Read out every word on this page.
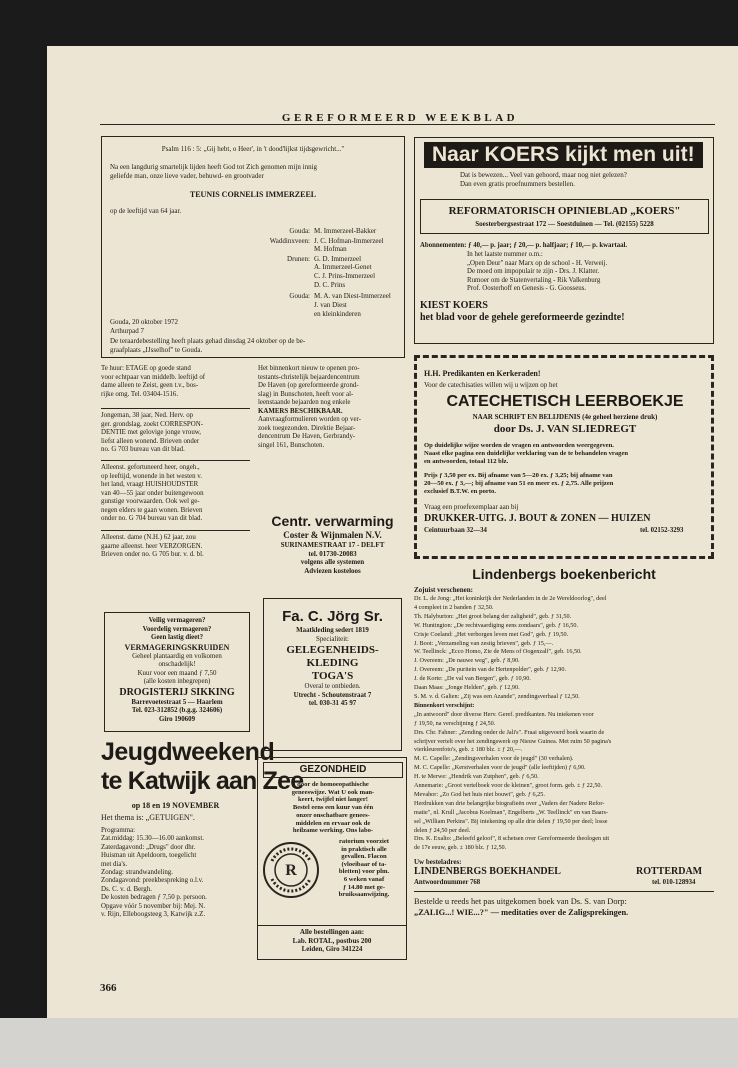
GEREFORMEERD WEEKBLAD
Psalm 116 : 5: „Gij hebt, o Heer', in 't dood'lijkst tijdsgewricht..."
Na een langdurig smartelijk lijden heeft God tot Zich genomen mijn innig
geliefde man, onze lieve vader, behuwd- en grootvader
TEUNIS CORNELIS IMMERZEEL
op de leeftijd van 64 jaar.
Gouda: M. Immerzeel-Bakker
Waddinxveen: J. C. Hofman-Immerzeel
M. Hofman
Drunen: G. D. Immerzeel
A. Immerzeel-Genet
C. J. Prins-Immerzeel
D. C. Prins
Gouda: M. A. van Diest-Immerzeel
J. van Diest
en kleinkinderen
Gouda, 20 oktober 1972
Arthurpad 7
De teraardebestelling heeft plaats gehad dinsdag 24 oktober op de be-
graafplaats „IJsselhof" te Gouda.
Te huur: ETAGE op goede stand
voor echtpaar van middelb. leeftijd of
dame alleen te Zeist, geen t.v., bos-
rijke omg. Tel. 03404-1516.
Jongeman, 38 jaar, Ned. Herv. op
ger. grondslag, zoekt CORRESPON-
DENTIE met gelovige jonge vrouw,
liefst alleen wonend. Brieven onder
no. G 703 bureau van dit blad.
Alleenst. gefortuneerd heer, ongeh.,
op leeftijd, wonende in het westen v.
het land, vraagt HUISHOUDSTER
van 40—55 jaar onder buitengewoon
gunstige voorwaarden. Ook wel ge-
negen elders te gaan wonen. Brieven
onder no. G 704 bureau van dit blad.
Alleenst. dame (N.H.) 62 jaar, zou
gaarne alleenst. heer VERZORGEN.
Brieven onder no. G 705 bur. v. d. bl.
Het binnenkort nieuw te openen pro-
testants-christelijk bejaardencentrum
De Haven (op gereformeerde grond-
slag) in Bunschoten, heeft voor al-
leenstaande bejaarden nog enkele
KAMERS BESCHIKBAAR.
Aanvraagformulieren worden op ver-
zoek toegezonden. Direktie Bejaar-
dencentrum De Haven, Gerbrandy-
singel 161, Bunschoten.
Veilig vermageren?
Voordelig vermageren?
Geen lastig dieet?
VERMAGERINGSKRUIDEN
Geheel plantaardig en volkomen
onschadelijk!
Kuur voor een maand ƒ 7,50
(alle kosten inbegrepen)
DROGISTERIJ SIKKING
Barrevoetestraat 5 — Haarlem
Tel. 023-312852 (b.g.g. 324606)
Giro 190609
Jeugdweekend
te Katwijk aan Zee
op 18 en 19 NOVEMBER
Het thema is: „GETUIGEN".
Programma:
Zat.middag: 15.30—16.00 aankomst.
Zaterdagavond: „Drugs" door dhr.
Huisman uit Apeldoorn, toegelicht
met dia's.
Zondag: strandwandeling.
Zondagavond: preekbespreking o.l.v.
Ds. C. v. d. Bergh.
De kosten bedragen ƒ 7,50 p. persoon.
Opgave vóór 5 november bij: Mej. N.
v. Rijn, Elleboogsteeg 3, Katwijk z.Z.
366
Centr. verwarming
Coster & Wijnmalen N.V.
SURINAMESTRAAT 17 - DELFT
tel. 01730-20083
volgens alle systemen
Adviezen kosteloos
Fa. C. Jörg Sr.
Maatkleding sedert 1819
Specialiteit:
GELEGENHEIDS-
KLEDING
TOGA'S
Overal te ontbieden.
Utrecht - Schoutenstraat 7
tel. 030-31 45 97
GEZONDHEID
door de homoeopathische
geneeswijze. Wat U ook man-
keert, twijfel niet langer!
Bestel eens een kuur van één
onzer onschatbare genees-
middelen en ervaar ook de
heilzame werking. Ons labo-
ratorium voorziet
in praktisch alle
gevallen. Flacon
(vloeibaar of ta-
bletten) voor plm.
6 weken vanaf
ƒ 14.80 met ge-
bruiksaanwijzing.
R
Alle bestellingen aan:
Lab. ROTAL, postbus 200
Leiden, Giro 341224
Naar KOERS kijkt men uit!
Dat is bewezen... Veel van gehoord, maar nog niet gelezen?
Dan even gratis proefnummers bestellen.
REFORMATORISCH OPINIEBLAD „KOERS"
Soesterbergsestraat 172 — Soestduinen — Tel. (02155) 5228
Abonnementen: ƒ 40,— p. jaar; ƒ 20,— p. halfjaar; ƒ 10,— p. kwartaal.
In het laatste nummer o.m.:
„Open Deur" naar Marx op de school - H. Verweij.
De moed om impopulair te zijn - Drs. J. Klatter.
Rumoer om de Statenvertaling - Rik Valkenburg
Prof. Oosterhoff en Genesis - G. Goosseus.
KIEST KOERS
het blad voor de gehele gereformeerde gezindte!
H.H. Predikanten en Kerkeraden!
Voor de catechisaties willen wij u wijzen op het
CATECHETISCH LEERBOEKJE
NAAR SCHRIFT EN BELIJDENIS (4e geheel herziene druk)
door Ds. J. VAN SLIEDREGT
Op duidelijke wijze worden de vragen en antwoorden weergegeven.
Naast elke pagina een duidelijke verklaring van de te behandelen vragen
en antwoorden, totaal 112 blz.
Prijs ƒ 3,50 per ex. Bij afname van 5—20 ex. ƒ 3,25; bij afname van
20—50 ex. ƒ 3,—; bij afname van 51 en meer ex. ƒ 2,75. Alle prijzen
exclusief B.T.W. en porto.
Vraag een proefexemplaar aan bij
DRUKKER-UITG. J. BOUT & ZONEN — HUIZEN
Ceintuurbaan 32—34	tel. 02152-3293
Lindenbergs boekenbericht
Zojuist verschenen:
Dr. L. de Jong: „Het koninkrijk der Nederlanden in de 2e Wereldoorlog", deel
4 compleet in 2 banden ƒ 32,50.
Th. Halyburton: „Het groot belang der zaligheid", geb. ƒ 31,50.
W. Huntington: „De rechtvaardiging eens zondaars", geb. ƒ 16,50.
Crisje Coeland: „Het verborgen leven met God", geb. ƒ 19,50.
J. Boot: „Verzameling van zestig brieven", geb. ƒ 15,—.
W. Teellinck: „Ecco Homo, Zie de Mens of Oogenzalf", geb. 16,50.
J. Overeem: „De nauwe weg", geb. ƒ 8,90.
J. Overeem: „De puritein van de Hertenpolder", geb. ƒ 12,90.
J. de Korte: „De val van Bergen", geb. ƒ 10,90.
Daan Maas: „Jonge Helden", geb. ƒ 12,90.
S. M. v. d. Galien: „Zij was een Azande", zendingsverhaal ƒ 12,50.
Binnenkort verschijnt:
„In antwoord" door diverse Herv. Geref. predikanten. Nu intekenen voor
ƒ 19,50, na verschijning ƒ 24,50.
Drs. Chr. Fahner: „Zending onder de Jali's". Fraai uitgevoerd boek waarin de
schrijver vertelt over het zendingswerk op Nieuw Guinea. Met ruim 50 pagina's
vierkleurenfoto's, geb. ± 180 blz. ± ƒ 20,—.
M. C. Capelle: „Zendingsverhalen voor de jeugd" (30 verhalen).
M. C. Capelle: „Kerstverhalen voor de jeugd" (alle leeftijden) ƒ 6,90.
H. te Merwe: „Hendrik van Zutphen", geb. ƒ 6,50.
Annemarie: „Groot vertelboek voor de kleinen", groot form. geb. ± ƒ 22,50.
Mevahor: „Zo God het huis niet bouwt", geb. ƒ 6,25.
Herdrukken van drie belangrijke biografieën over „Vaders der Nadere Refor-
matie", nl. Krull „Jacobus Koelman", Engelberts „W. Teellinck" en van Baars-
sel „William Perkins". Bij intekening op alle drie delen ƒ 19,50 per deel; losse
delen ƒ 24,50 per deel.
Drs. K. Exalto: „Beleefd geloof", 8 schetsen over Gereformeerde theologen uit
de 17e eeuw, geb. ± 180 blz. ƒ 12,50.
Uw besteladres:
LINDENBERGS BOEKHANDEL	ROTTERDAM
Antwoordnummer 768	tel. 010-128934
Bestelde u reeds het pas uitgekomen boek van Ds. S. van Dorp:
„ZALIG...! WIE...?" — meditaties over de Zaligsprekingen.
